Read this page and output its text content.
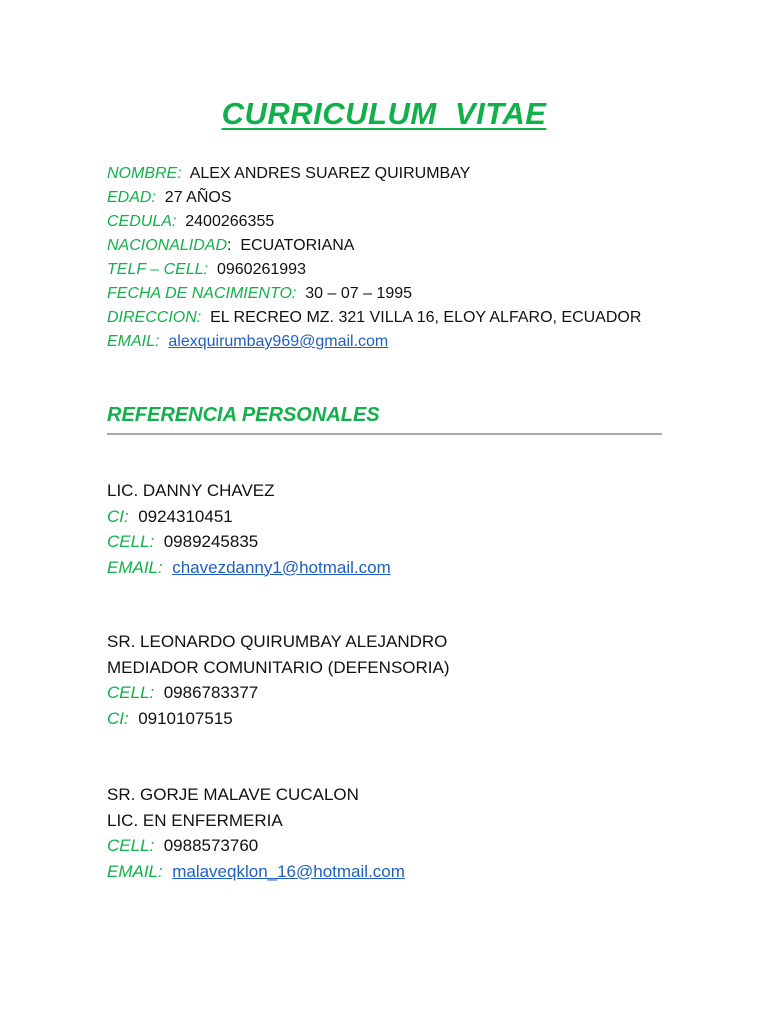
CURRICULUM  VITAE
NOMBRE: ALEX ANDRES SUAREZ QUIRUMBAY
EDAD: 27 AÑOS
CEDULA: 2400266355
NACIONALIDAD:  ECUATORIANA
TELF – CELL: 0960261993
FECHA DE NACIMIENTO: 30 – 07 – 1995
DIRECCION: EL RECREO MZ. 321 VILLA 16, ELOY ALFARO, ECUADOR
EMAIL: alexquirumbay969@gmail.com
REFERENCIA PERSONALES
LIC. DANNY CHAVEZ
CI: 0924310451
CELL: 0989245835
EMAIL: chavezdanny1@hotmail.com
SR. LEONARDO QUIRUMBAY ALEJANDRO
MEDIADOR COMUNITARIO (DEFENSORIA)
CELL: 0986783377
CI: 0910107515
SR. GORJE MALAVE CUCALON
LIC. EN ENFERMERIA
CELL: 0988573760
EMAIL: malaveqklon_16@hotmail.com
